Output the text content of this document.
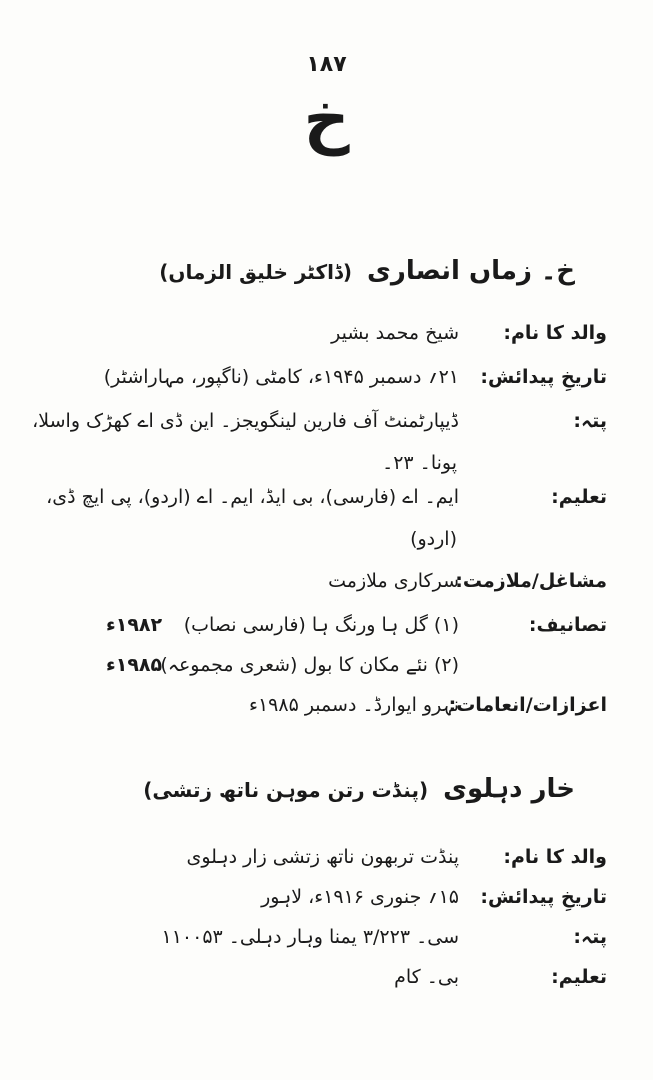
۱۸۷
خ
خ۔ زماں انصاری (ڈاکٹر خلیق الزماں)
والد کا نام:
شیخ محمد بشیر
تاریخِ پیدائش:
۲۱؍ دسمبر ۱۹۴۵ء، کامٹی (ناگپور، مہاراشٹر)
پتہ:
ڈیپارٹمنٹ آف فارین لینگویجز۔ این ڈی اے کھڑک واسلا،
پونا۔ ۲۳۔
تعلیم:
ایم۔ اے (فارسی)، بی ایڈ، ایم۔ اے (اردو)، پی ایچ ڈی،
(اردو)
مشاغل/ملازمت:
سرکاری ملازمت
تصانیف:
(۱) گل ہا ورنگ ہا (فارسی نصاب)
۱۹۸۲ء
(۲) نئے مکان کا بول (شعری مجموعہ)
۱۹۸۵ء
اعزازات/انعامات:
نہرو ایوارڈ۔ دسمبر ۱۹۸۵ء
خار دہلوی (پنڈت رتن موہن ناتھ زتشی)
والد کا نام:
پنڈت تربھون ناتھ زتشی زار دہلوی
تاریخِ پیدائش:
۱۵؍ جنوری ۱۹۱۶ء، لاہور
پتہ:
سی۔ ۳/۲۲۳ یمنا وہار دہلی۔ ۱۱۰۰۵۳
تعلیم:
بی۔ کام
